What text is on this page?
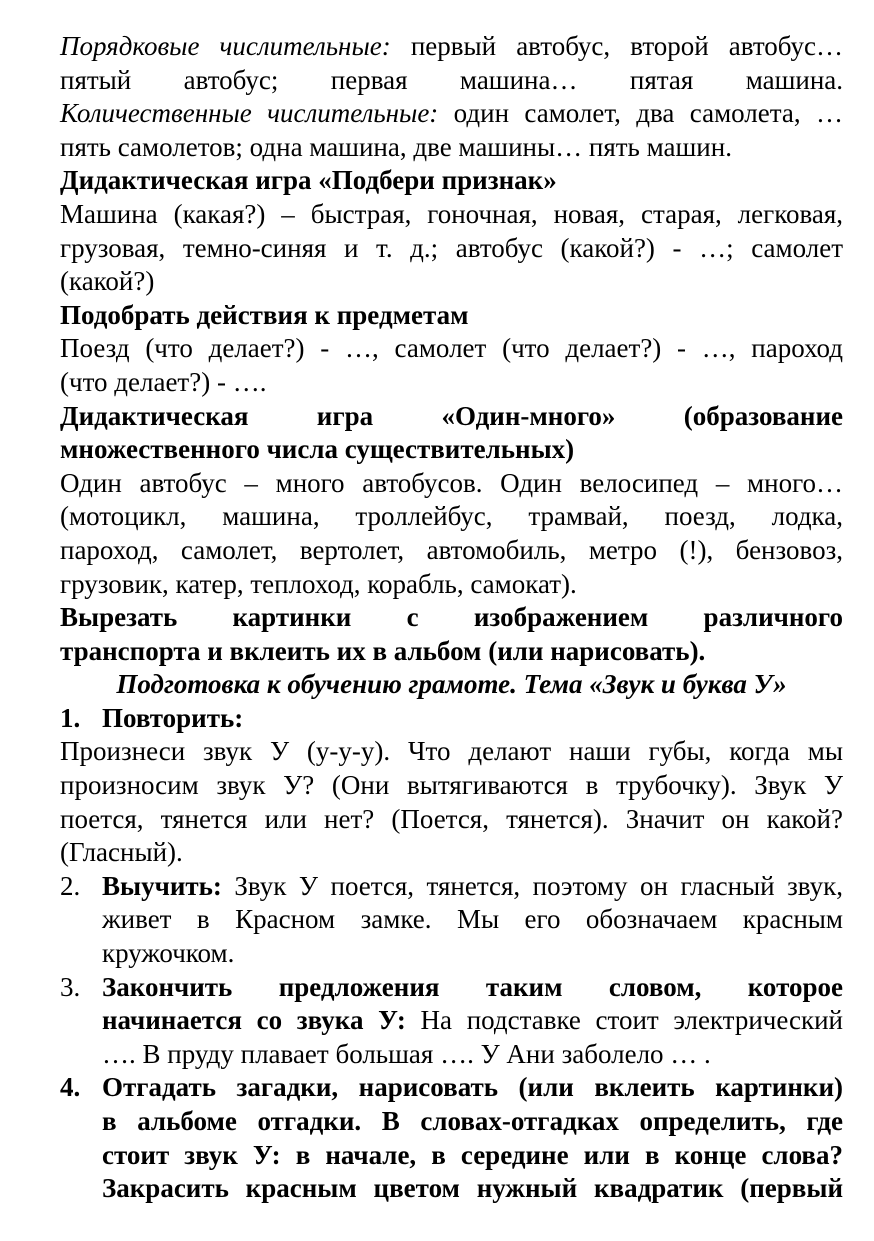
Порядковые числительные: первый автобус, второй автобус…
пятый автобус; первая машина… пятая машина.
Количественные числительные: один самолет, два самолета, …
пять самолетов; одна машина, две машины… пять машин.
Дидактическая игра «Подбери признак»
Машина (какая?) – быстрая, гоночная, новая, старая, легковая,
грузовая, темно-синяя и т. д.; автобус (какой?) - …; самолет
(какой?)
Подобрать действия к предметам
Поезд (что делает?) - …, самолет (что делает?) - …, пароход
(что делает?) - ….
Дидактическая игра «Один-много» (образование
множественного числа существительных)
Один автобус – много автобусов. Один велосипед – много…
(мотоцикл, машина, троллейбус, трамвай, поезд, лодка,
пароход, самолет, вертолет, автомобиль, метро (!), бензовоз,
грузовик, катер, теплоход, корабль, самокат).
Вырезать картинки с изображением различного
транспорта и вклеить их в альбом (или нарисовать).
Подготовка к обучению грамоте. Тема «Звук и буква У»
1. Повторить:
Произнеси звук У (у-у-у). Что делают наши губы, когда мы
произносим звук У? (Они вытягиваются в трубочку). Звук У
поется, тянется или нет? (Поется, тянется). Значит он какой?
(Гласный).
2. Выучить: Звук У поется, тянется, поэтому он гласный звук,
живет в Красном замке. Мы его обозначаем красным
кружочком.
3. Закончить предложения таким словом, которое
начинается со звука У: На подставке стоит электрический
…. В пруду плавает большая …. У Ани заболело … .
4. Отгадать загадки, нарисовать (или вклеить картинки)
в альбоме отгадки. В словах-отгадках определить, где
стоит звук У: в начале, в середине или в конце слова?
Закрасить красным цветом нужный квадратик (первый
